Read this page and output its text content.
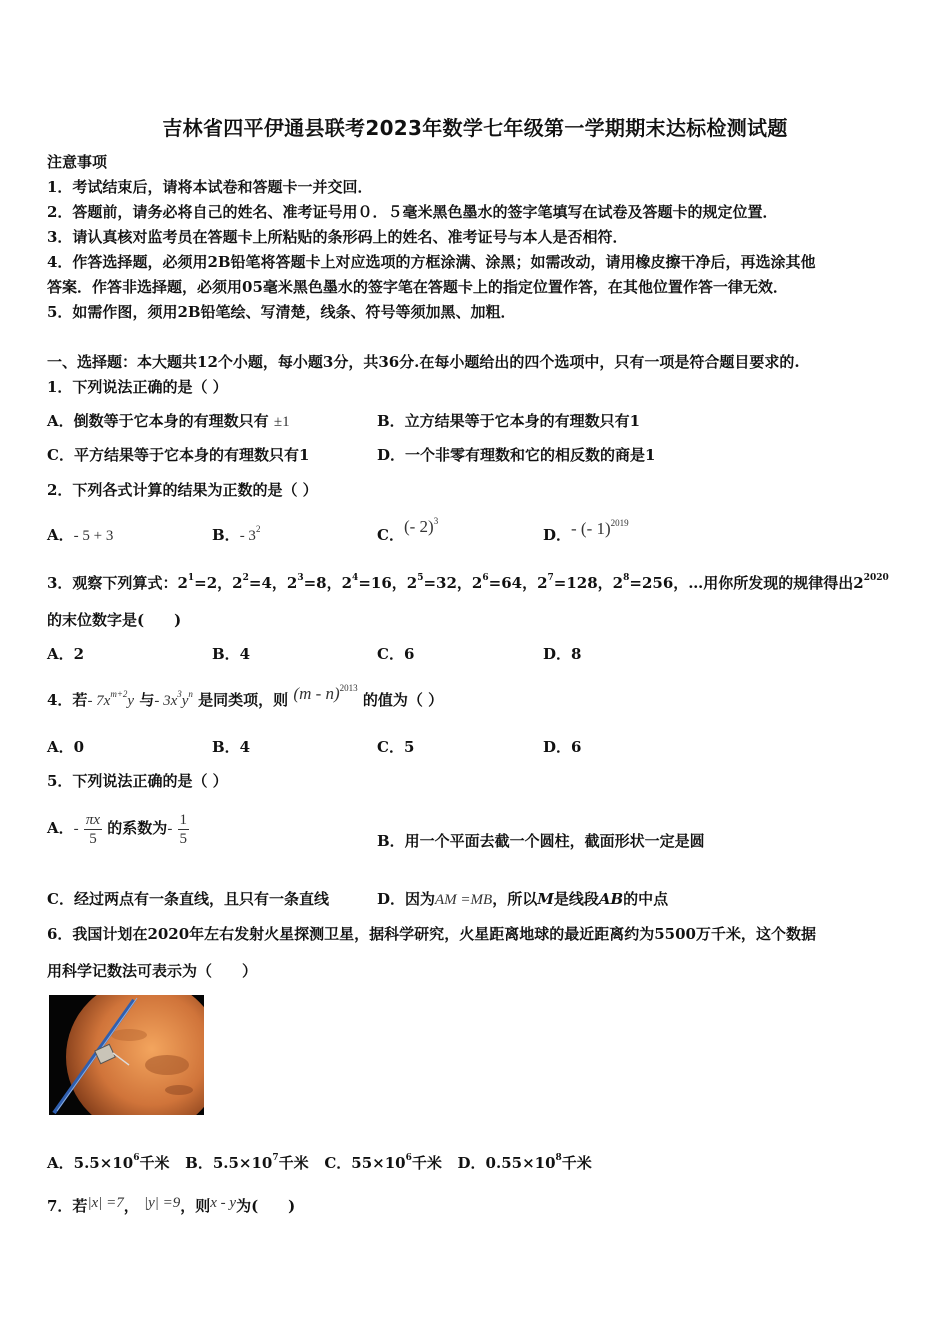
吉林省四平伊通县联考2023年数学七年级第一学期期末达标检测试题
注意事项
1．考试结束后，请将本试卷和答题卡一并交回．
2．答题前，请务必将自己的姓名、准考证号用０．５毫米黑色墨水的签字笔填写在试卷及答题卡的规定位置．
3．请认真核对监考员在答题卡上所粘贴的条形码上的姓名、准考证号与本人是否相符．
4．作答选择题，必须用2B铅笔将答题卡上对应选项的方框涂满、涂黑；如需改动，请用橡皮擦干净后，再选涂其他
答案．作答非选择题，必须用05毫米黑色墨水的签字笔在答题卡上的指定位置作答，在其他位置作答一律无效．
5．如需作图，须用2B铅笔绘、写清楚，线条、符号等须加黑、加粗．
一、选择题：本大题共12个小题，每小题3分，共36分.在每小题给出的四个选项中，只有一项是符合题目要求的.
1．下列说法正确的是（ ）
A．倒数等于它本身的有理数只有 ±1	B．立方结果等于它本身的有理数只有1
C．平方结果等于它本身的有理数只有1	D．一个非零有理数和它的相反数的商是1
2．下列各式计算的结果为正数的是（ ）
A．- 5 + 3	B．- $3^2$	C．(- 2)$^3$
D．- (- 1)$^{2019}$
3．观察下列算式：$2^1=2$，$2^2=4$，$2^3=8$，$2^4=16$，$2^5=32$，$2^6=64$，$2^7=128$，$2^8=256$，…用你所发现的规律得出$2^{2020}$
的末位数字是(　　)
A．2	B．4	C．6	D．8
4．若- $7x^{m+2}y$ 与- $3x^3y^n$ 是同类项，则 (m - n)$^{2013}$ 的值为（ ）
A．0	B．4	C．5	D．6
5．下列说法正确的是（ ）
A．- $\frac{\pi x}{5}$ 的系数为- $\frac{1}{5}$	B．用一个平面去截一个圆柱，截面形状一定是圆
C．经过两点有一条直线，且只有一条直线	D．因为AM =MB，所以M是线段AB的中点
6．我国计划在2020年左右发射火星探测卫星，据科学研究，火星距离地球的最近距离约为5500万千米，这个数据
用科学记数法可表示为（　　）
A．$5.5\times 10^6$千米 B．$5.5\times 10^7$千米 C．$55\times 10^6$千米 D．$0.55\times 10^8$千米
7．若|x| =7， |y| =9，则x - y为(　　)
